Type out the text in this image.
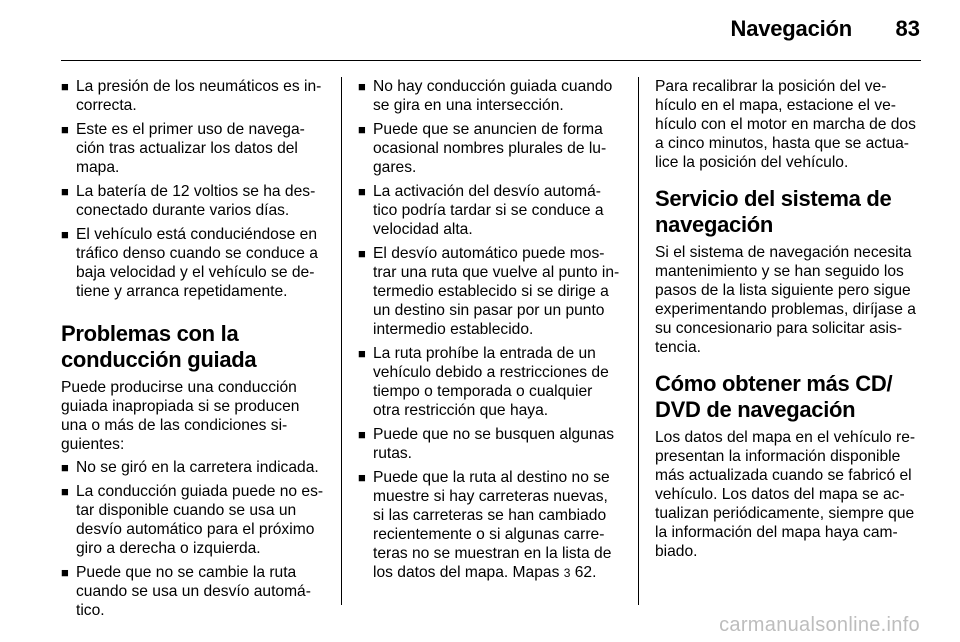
Navegación 83
■ La presión de los neumáticos es in-correcta.
■ Este es el primer uso de navega-ción tras actualizar los datos del mapa.
■ La batería de 12 voltios se ha des-conectado durante varios días.
■ El vehículo está conduciéndose en tráfico denso cuando se conduce a baja velocidad y el vehículo se de-tiene y arranca repetidamente.
Problemas con la conducción guiada

Puede producirse una conducción guiada inapropiada si se producen una o más de las condiciones si-guientes:

■ No se giró en la carretera indicada.
■ La conducción guiada puede no es-tar disponible cuando se usa un desvío automático para el próximo giro a derecha o izquierda.
■ Puede que no se cambie la ruta cuando se usa un desvío automá-tico.
■ No hay conducción guiada cuando se gira en una intersección.
■ Puede que se anuncien de forma ocasional nombres plurales de lu-gares.
■ La activación del desvío automá-tico podría tardar si se conduce a velocidad alta.
■ El desvío automático puede mos-trar una ruta que vuelve al punto in-termedio establecido si se dirige a un destino sin pasar por un punto intermedio establecido.
■ La ruta prohíbe la entrada de un vehículo debido a restricciones de tiempo o temporada o cualquier otra restricción que haya.
■ Puede que no se busquen algunas rutas.
■ Puede que la ruta al destino no se muestre si hay carreteras nuevas, si las carreteras se han cambiado recientemente o si algunas carre-teras no se muestran en la lista de los datos del mapa. Mapas 3 62.

Para recalibrar la posición del ve-hículo en el mapa, estacione el ve-hículo con el motor en marcha de dos a cinco minutos, hasta que se actua-lice la posición del vehículo.

Servicio del sistema de navegación

Si el sistema de navegación necesita mantenimiento y se han seguido los pasos de la lista siguiente pero sigue experimentando problemas, diríjase a su concesionario para solicitar asis-tencia.

Cómo obtener más CD/ DVD de navegación

Los datos del mapa en el vehículo re-presentan la información disponible más actualizada cuando se fabricó el vehículo. Los datos del mapa se ac-tualizan periódicamente, siempre que la información del mapa haya cam-biado.

carmanualsonline.info
